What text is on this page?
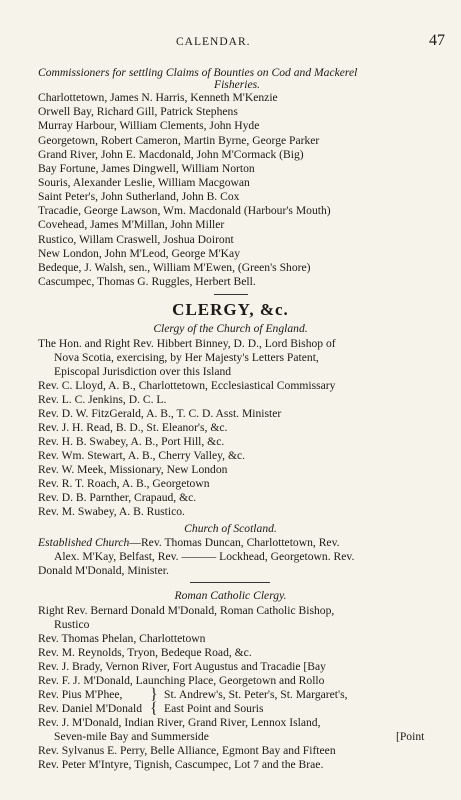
CALENDAR.	47
Commissioners for settling Claims of Bounties on Cod and Mackerel
Fisheries.
Charlottetown, James N. Harris, Kenneth M'Kenzie
Orwell Bay, Richard Gill, Patrick Stephens
Murray Harbour, William Clements, John Hyde
Georgetown, Robert Cameron, Martin Byrne, George Parker
Grand River, John E. Macdonald, John M'Cormack (Big)
Bay Fortune, James Dingwell, William Norton
Souris, Alexander Leslie, William Macgowan
Saint Peter's, John Sutherland, John B. Cox
Tracadie, George Lawson, Wm. Macdonald (Harbour's Mouth)
Covehead, James M'Millan, John Miller
Rustico, Willam Craswell, Joshua Doiront
New London, John M'Leod, George M'Kay
Bedeque, J. Walsh, sen., William M'Ewen, (Green's Shore)
Cascumpec, Thomas G. Ruggles, Herbert Bell.
CLERGY, &c.
Clergy of the Church of England.
The Hon. and Right Rev. Hibbert Binney, D. D., Lord Bishop of
Nova Scotia, exercising, by Her Majesty's Letters Patent,
Episcopal Jurisdiction over this Island
Rev. C. Lloyd, A. B., Charlottetown, Ecclesiastical Commissary
Rev. L. C. Jenkins, D. C. L.
Rev. D. W. FitzGerald, A. B., T. C. D. Asst. Minister
Rev. J. H. Read, B. D., St. Eleanor's, &c.
Rev. H. B. Swabey, A. B., Port Hill, &c.
Rev. Wm. Stewart, A. B., Cherry Valley, &c.
Rev. W. Meek, Missionary, New London
Rev. R. T. Roach, A. B., Georgetown
Rev. D. B. Parnther, Crapaud, &c.
Rev. M. Swabey, A. B. Rustico.
Church of Scotland.
Established Church—Rev. Thomas Duncan, Charlottetown, Rev.
Alex. M'Kay, Belfast, Rev. ——— Lockhead, Georgetown. Rev.
Donald M'Donald, Minister.
Roman Catholic Clergy.
Right Rev. Bernard Donald M'Donald, Roman Catholic Bishop,
Rustico
Rev. Thomas Phelan, Charlottetown
Rev. M. Reynolds, Tryon, Bedeque Road, &c.
Rev. J. Brady, Vernon River, Fort Augustus and Tracadie [Bay
Rev. F. J. M'Donald, Launching Place, Georgetown and Rollo
Rev. Pius M'Phee, } St. Andrew's, St. Peter's, St. Margaret's,
Rev. Daniel M'Donald { East Point and Souris
Rev. J. M'Donald, Indian River, Grand River, Lennox Island,
Seven-mile Bay and Summerside	[Point
Rev. Sylvanus E. Perry, Belle Alliance, Egmont Bay and Fifteen
Rev. Peter M'Intyre, Tignish, Cascumpec, Lot 7 and the Brae.
